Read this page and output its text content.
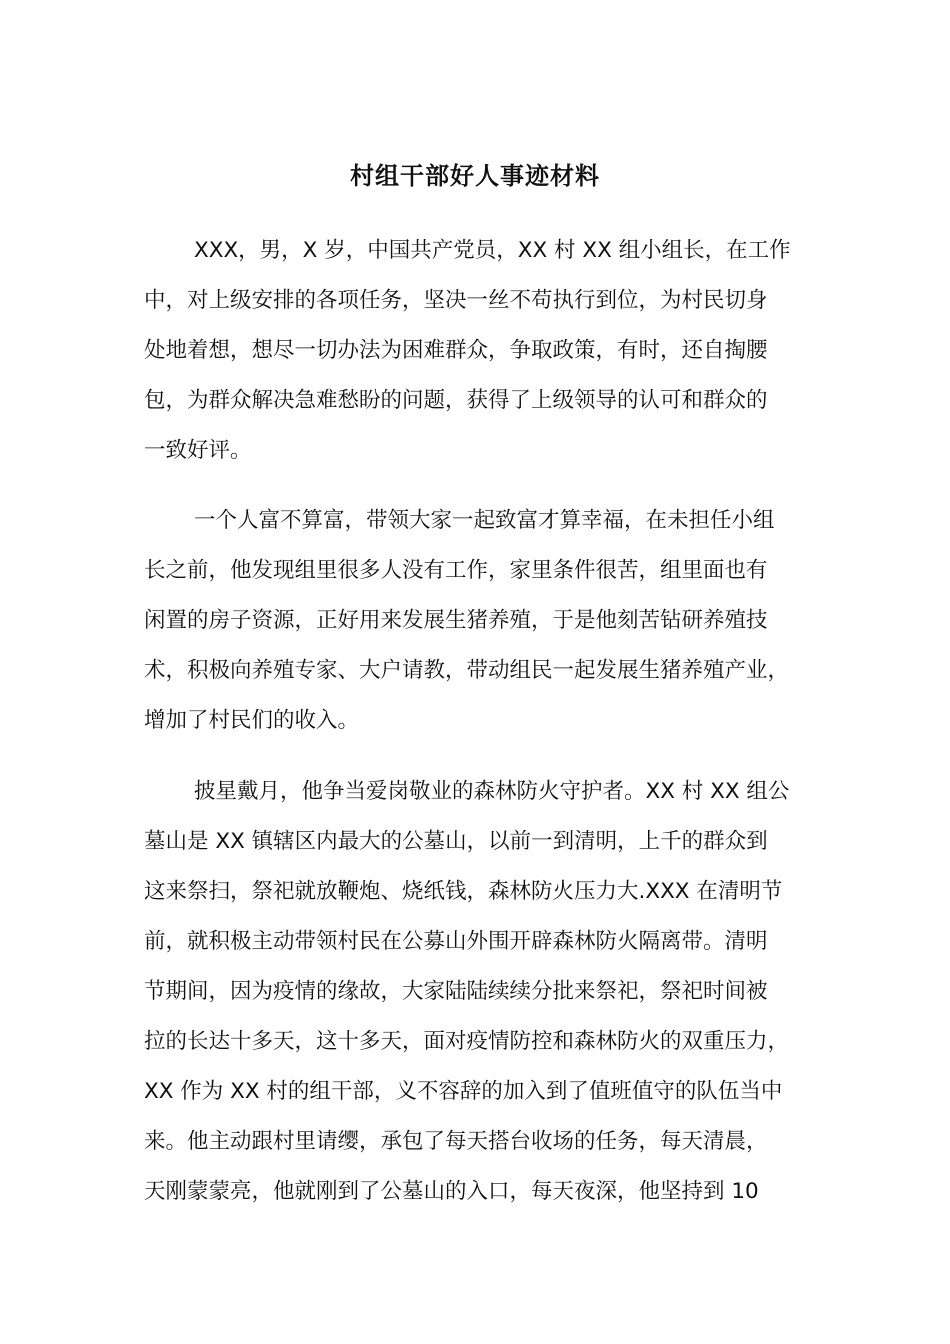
村组干部好人事迹材料
XXX，男，X 岁，中国共产党员，XX 村 XX 组小组长，在工作
中，对上级安排的各项任务，坚决一丝不苟执行到位，为村民切身
处地着想，想尽一切办法为困难群众，争取政策，有时，还自掏腰
包，为群众解决急难愁盼的问题，获得了上级领导的认可和群众的
一致好评。
一个人富不算富，带领大家一起致富才算幸福，在未担任小组
长之前，他发现组里很多人没有工作，家里条件很苦，组里面也有
闲置的房子资源，正好用来发展生猪养殖，于是他刻苦钻研养殖技
术，积极向养殖专家、大户请教，带动组民一起发展生猪养殖产业，
增加了村民们的收入。
披星戴月，他争当爱岗敬业的森林防火守护者。XX 村 XX 组公
墓山是 XX 镇辖区内最大的公墓山，以前一到清明，上千的群众到
这来祭扫，祭祀就放鞭炮、烧纸钱，森林防火压力大.XXX 在清明节
前，就积极主动带领村民在公募山外围开辟森林防火隔离带。清明
节期间，因为疫情的缘故，大家陆陆续续分批来祭祀，祭祀时间被
拉的长达十多天，这十多天，面对疫情防控和森林防火的双重压力，
XX 作为 XX 村的组干部，义不容辞的加入到了值班值守的队伍当中
来。他主动跟村里请缨，承包了每天搭台收场的任务，每天清晨，
天刚蒙蒙亮，他就刚到了公墓山的入口，每天夜深，他坚持到 10
